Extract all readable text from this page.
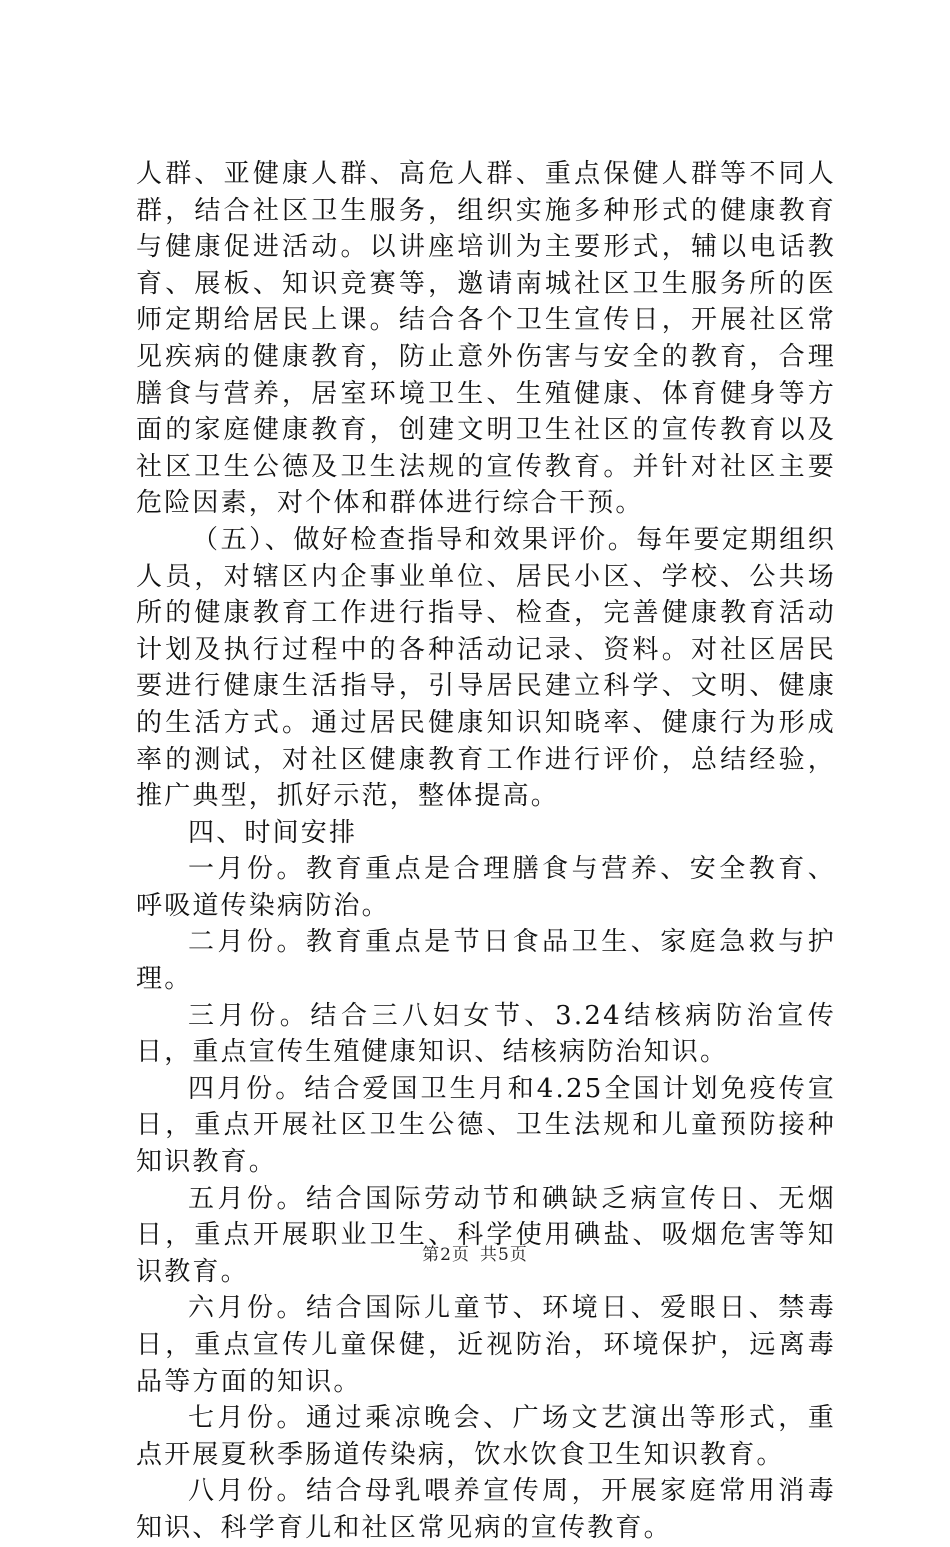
人群、亚健康人群、高危人群、重点保健人群等不同人群，结合社区卫生服务，组织实施多种形式的健康教育与健康促进活动。以讲座培训为主要形式，辅以电话教育、展板、知识竞赛等，邀请南城社区卫生服务所的医师定期给居民上课。结合各个卫生宣传日，开展社区常见疾病的健康教育，防止意外伤害与安全的教育，合理膳食与营养，居室环境卫生、生殖健康、体育健身等方面的家庭健康教育，创建文明卫生社区的宣传教育以及社区卫生公德及卫生法规的宣传教育。并针对社区主要危险因素，对个体和群体进行综合干预。

（五）、做好检查指导和效果评价。每年要定期组织人员，对辖区内企事业单位、居民小区、学校、公共场所的健康教育工作进行指导、检查，完善健康教育活动计划及执行过程中的各种活动记录、资料。对社区居民要进行健康生活指导，引导居民建立科学、文明、健康的生活方式。通过居民健康知识知晓率、健康行为形成率的测试，对社区健康教育工作进行评价，总结经验，推广典型，抓好示范，整体提高。

四、时间安排

一月份。教育重点是合理膳食与营养、安全教育、呼吸道传染病防治。

二月份。教育重点是节日食品卫生、家庭急救与护理。

三月份。结合三八妇女节、3.24结核病防治宣传日，重点宣传生殖健康知识、结核病防治知识。

四月份。结合爱国卫生月和4.25全国计划免疫传宣日，重点开展社区卫生公德、卫生法规和儿童预防接种知识教育。

五月份。结合国际劳动节和碘缺乏病宣传日、无烟日，重点开展职业卫生、科学使用碘盐、吸烟危害等知识教育。

六月份。结合国际儿童节、环境日、爱眼日、禁毒日，重点宣传儿童保健，近视防治，环境保护，远离毒品等方面的知识。

七月份。通过乘凉晚会、广场文艺演出等形式，重点开展夏秋季肠道传染病，饮水饮食卫生知识教育。

八月份。结合母乳喂养宣传周，开展家庭常用消毒知识、科学育儿和社区常见病的宣传教育。

第2页 共5页
